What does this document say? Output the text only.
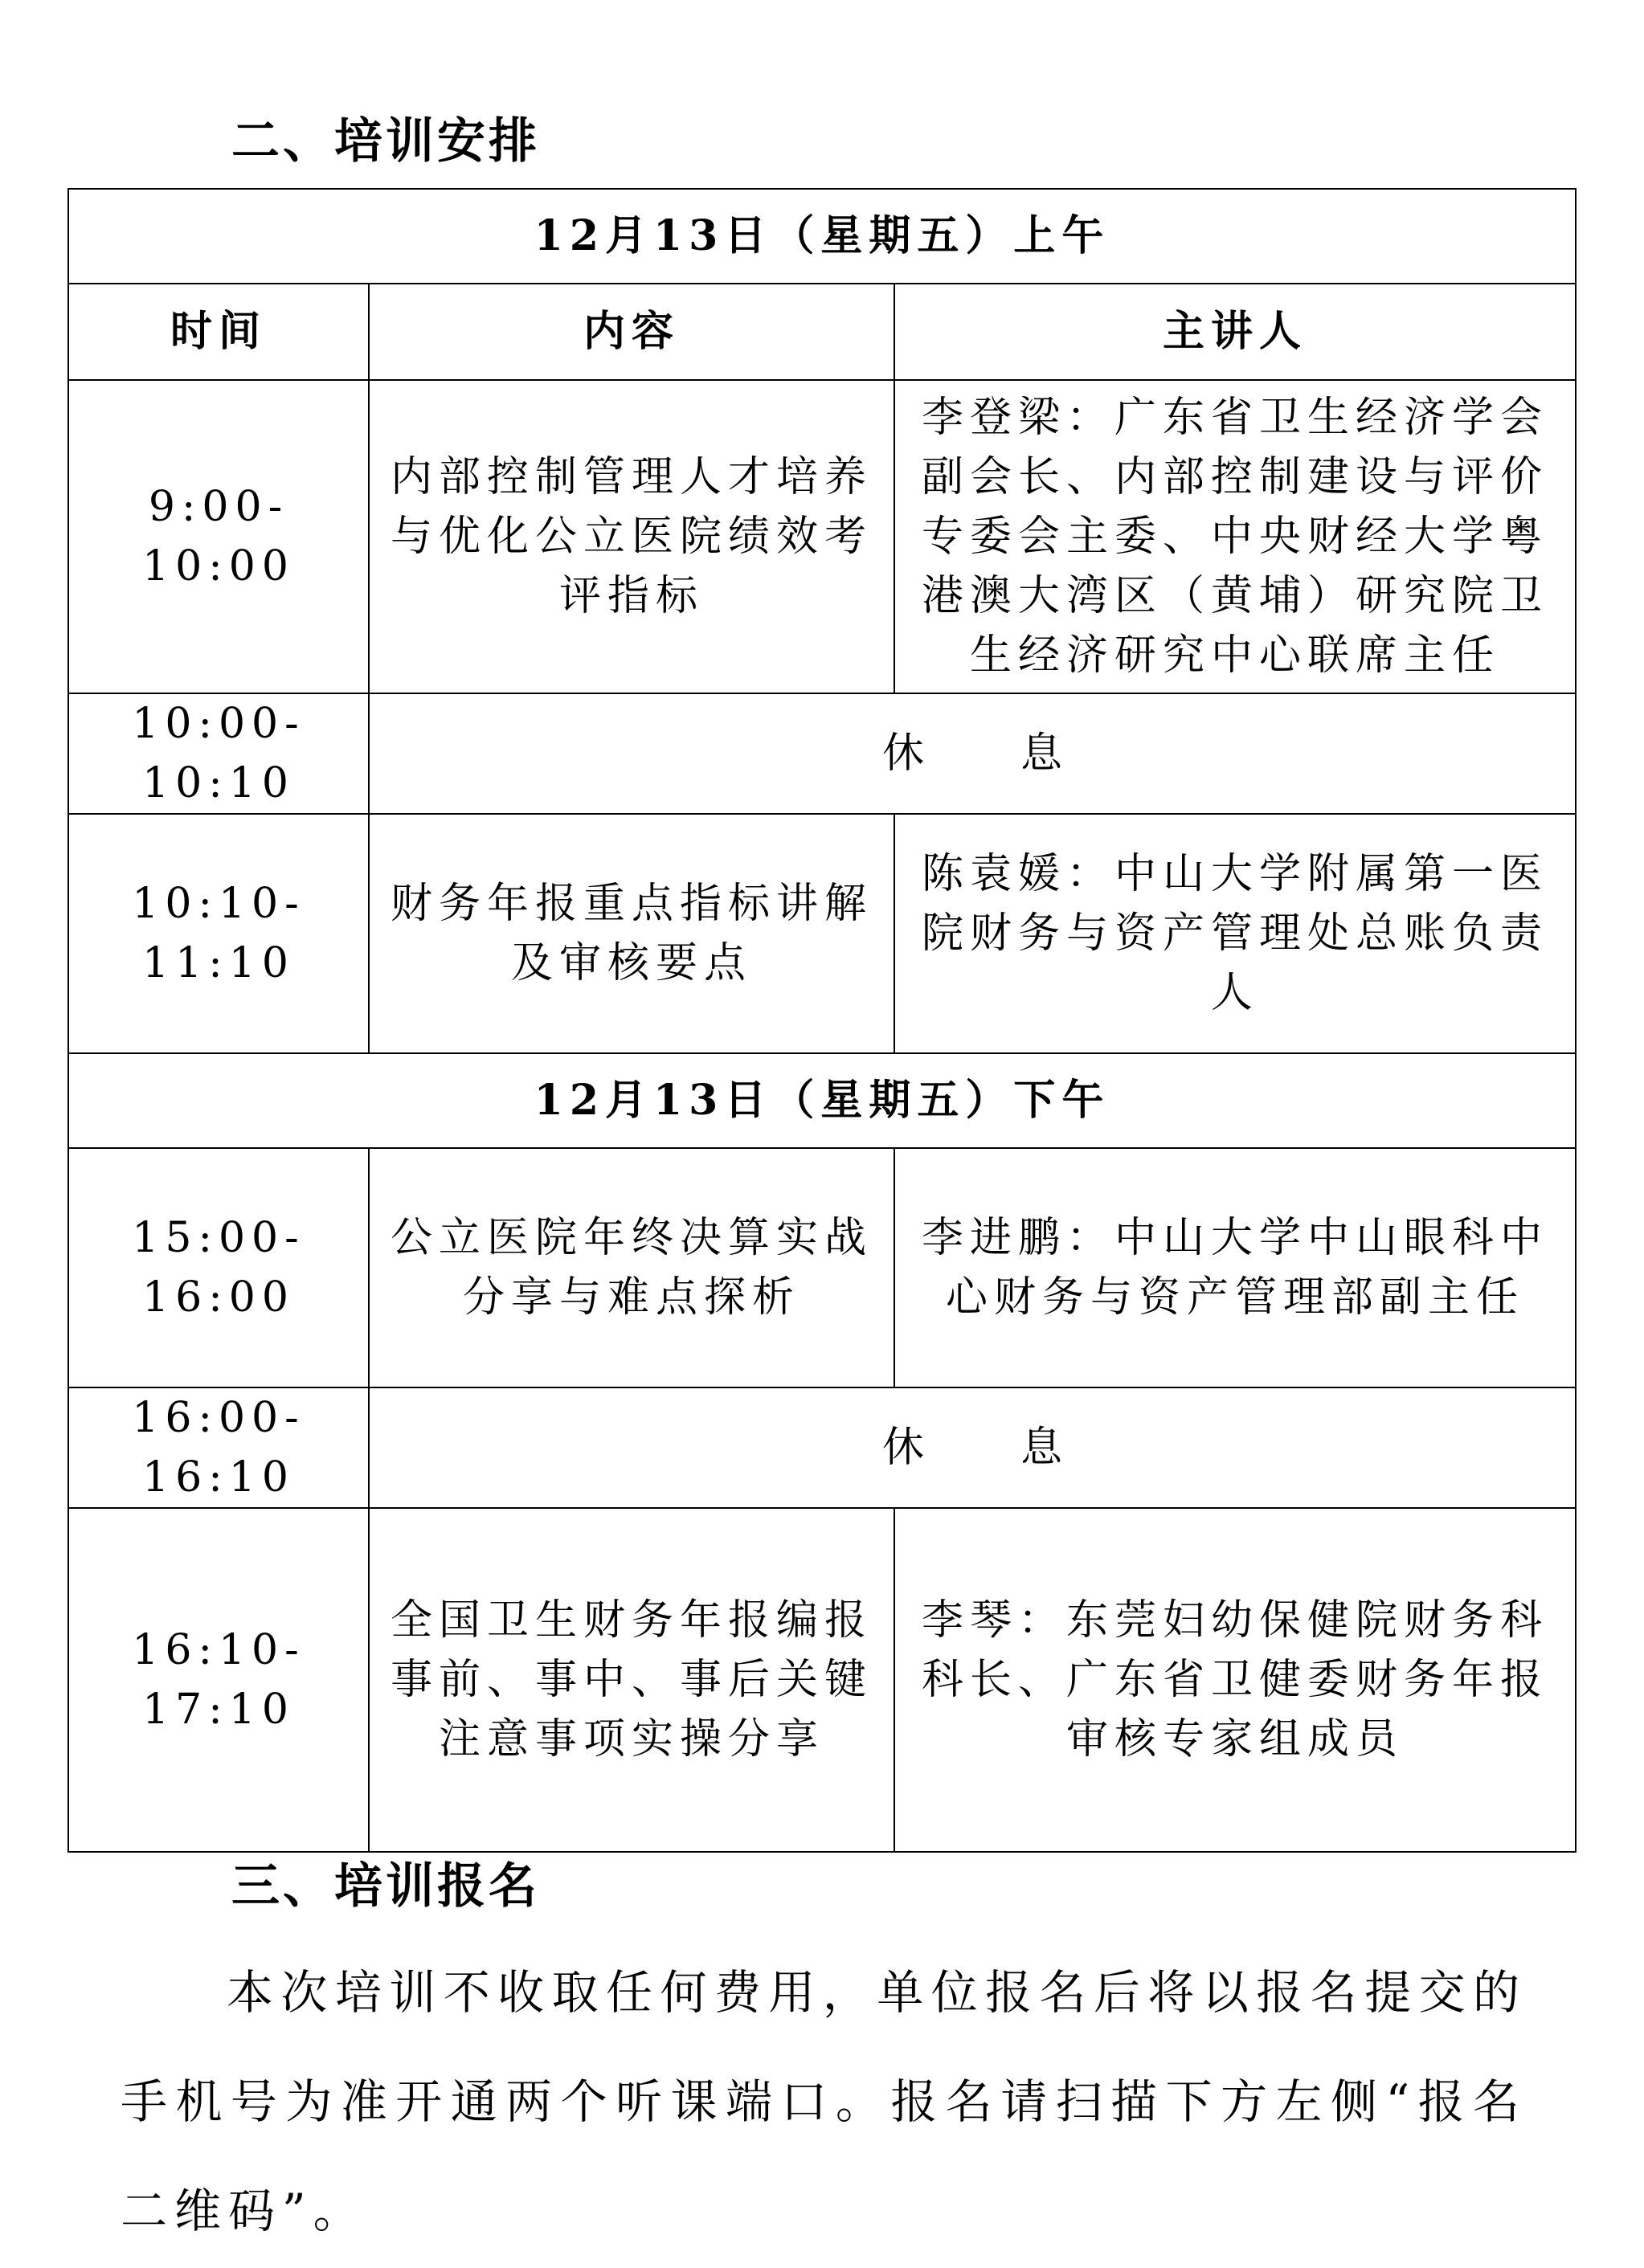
二、培训安排
12月13日（星期五）上午		
时间	内容	主讲人
9:00-10:00	内部控制管理人才培养与优化公立医院绩效考评指标	李登梁：广东省卫生经济学会副会长、内部控制建设与评价专委会主委、中央财经大学粤港澳大湾区（黄埔）研究院卫生经济研究中心联席主任
10:00-10:10	休息	
10:10-11:10	财务年报重点指标讲解及审核要点	陈袁媛：中山大学附属第一医院财务与资产管理处总账负责人
12月13日（星期五）下午		
15:00-16:00	公立医院年终决算实战分享与难点探析	李进鹏：中山大学中山眼科中心财务与资产管理部副主任
16:00-16:10	休息	
16:10-17:10	全国卫生财务年报编报事前、事中、事后关键注意事项实操分享	李琴：东莞妇幼保健院财务科科长、广东省卫健委财务年报审核专家组成员
三、培训报名

本次培训不收取任何费用，单位报名后将以报名提交的手机号为准开通两个听课端口。报名请扫描下方左侧“报名二维码”。
